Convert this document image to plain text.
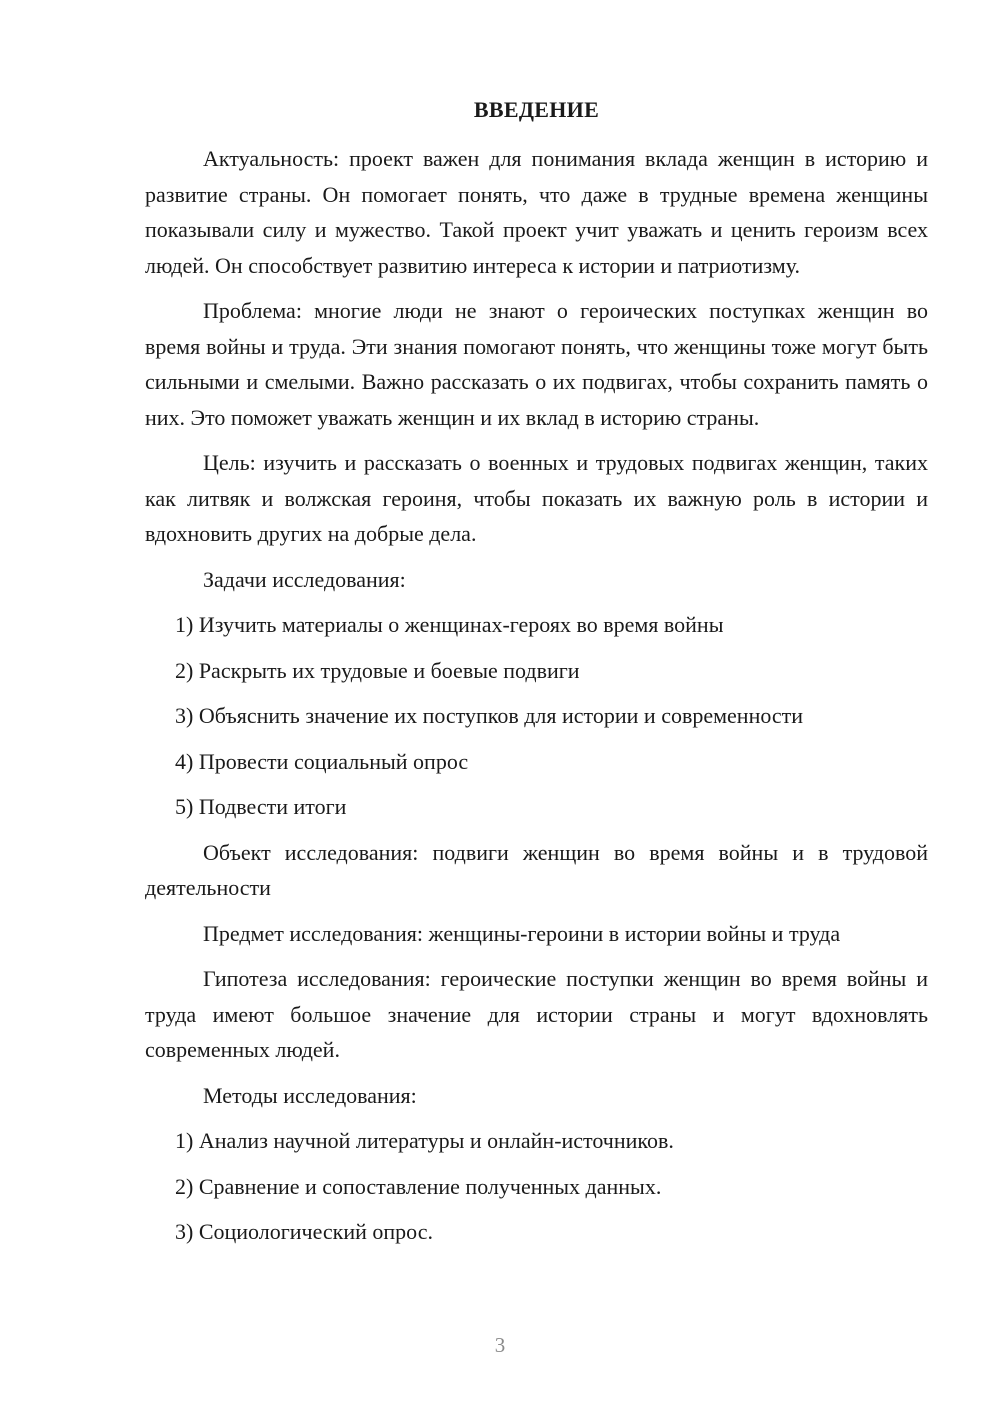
ВВЕДЕНИЕ

Актуальность: проект важен для понимания вклада женщин в историю и развитие страны. Он помогает понять, что даже в трудные времена женщины показывали силу и мужество. Такой проект учит уважать и ценить героизм всех людей. Он способствует развитию интереса к истории и патриотизму.

Проблема: многие люди не знают о героических поступках женщин во время войны и труда. Эти знания помогают понять, что женщины тоже могут быть сильными и смелыми. Важно рассказать о их подвигах, чтобы сохранить память о них. Это поможет уважать женщин и их вклад в историю страны.

Цель: изучить и рассказать о военных и трудовых подвигах женщин, таких как литвяк и волжская героиня, чтобы показать их важную роль в истории и вдохновить других на добрые дела.

Задачи исследования:

1) Изучить материалы о женщинах-героях во время войны

2) Раскрыть их трудовые и боевые подвиги

3) Объяснить значение их поступков для истории и современности

4) Провести социальный опрос

5) Подвести итоги

Объект исследования: подвиги женщин во время войны и в трудовой деятельности

Предмет исследования: женщины-героини в истории войны и труда

Гипотеза исследования: героические поступки женщин во время войны и труда имеют большое значение для истории страны и могут вдохновлять современных людей.

Методы исследования:

1) Анализ научной литературы и онлайн-источников.

2) Сравнение и сопоставление полученных данных.

3) Социологический опрос.

3
